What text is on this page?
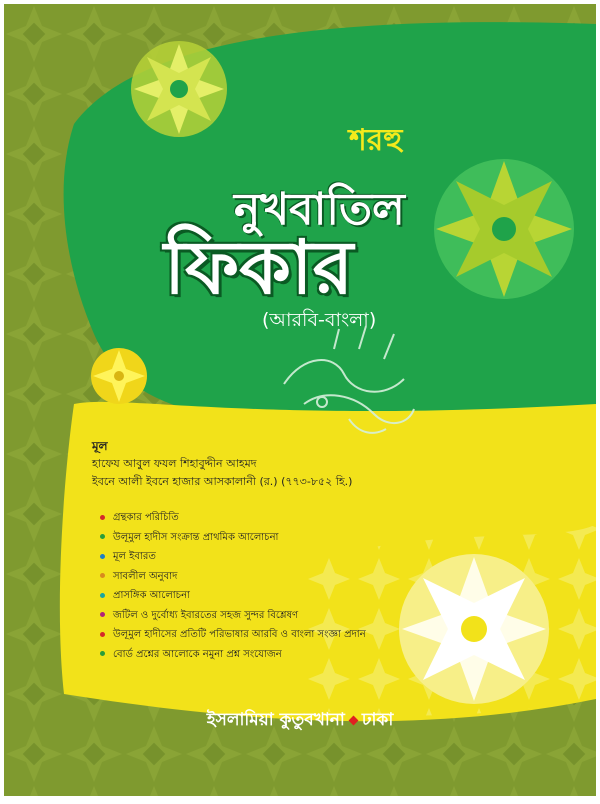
শরহু
নুখবাতিল
ফিকার
(আরবি-বাংলা)
মূল
হাফেয আবুল ফযল শিহাবুদ্দীন আহমদ
ইবনে আলী ইবনে হাজার আসকালানী (র.) (৭৭৩-৮৫২ হি.)
গ্রন্থকার পরিচিতি
উলূমুল হাদীস সংক্রান্ত প্রাথমিক আলোচনা
মূল ইবারত
সাবলীল অনুবাদ
প্রাসঙ্গিক আলোচনা
জটিল ও দুর্বোধ্য ইবারতের সহজ সুন্দর বিশ্লেষণ
উলূমুল হাদীসের প্রতিটি পরিভাষার আরবি ও বাংলা সংজ্ঞা প্রদান
বোর্ড প্রশ্নের আলোকে নমুনা প্রশ্ন সংযোজন
ইসলামিয়া কুতুবখানা ঢাকা
